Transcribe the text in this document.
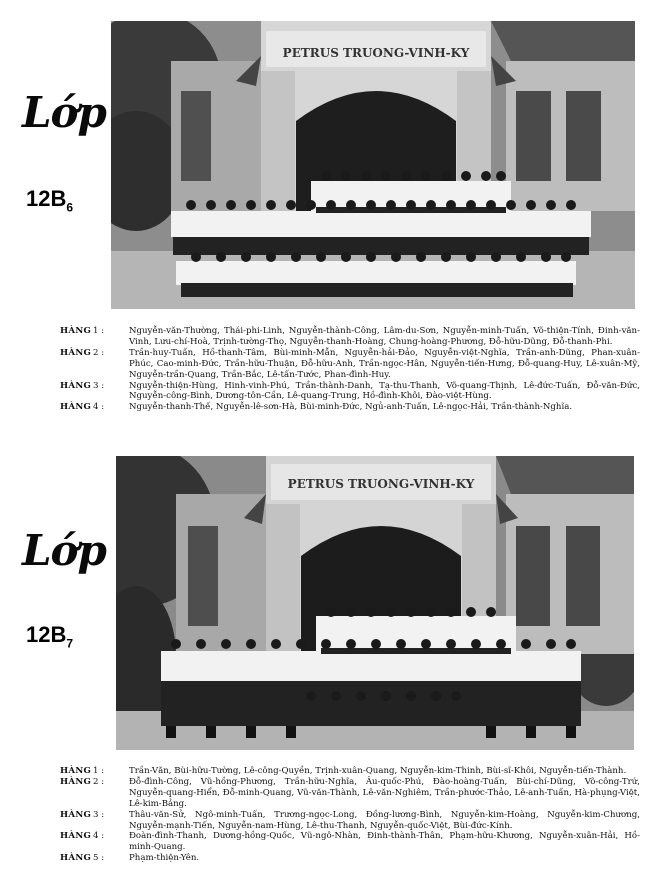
Lớp
$12B_6$
PETRUS TRUONG-VINH-KY
HÀNG 1 :	Nguyễn-văn-Thường, Thái-phi-Linh, Nguyễn-thành-Công, Lâm-du-Sơn, Nguyễn-minh-Tuấn, Võ-thiện-Tính, Đinh-văn-Vinh, Lưu-chí-Hoà, Trịnh-tường-Thọ, Nguyễn-thanh-Hoàng, Chung-hoàng-Phương, Đỗ-hữu-Dũng, Đỗ-thanh-Phi.
HÀNG 2 :	Trần-huy-Tuấn, Hồ-thanh-Tâm, Bùi-minh-Mẫn, Nguyễn-hải-Đảo, Nguyễn-việt-Nghĩa, Trần-anh-Dũng, Phan-xuân-Phúc, Cao-minh-Đức, Trần-hữu-Thuận, Đỗ-hữu-Anh, Trần-ngọc-Hân, Nguyễn-tiến-Hưng, Đỗ-quang-Huy, Lê-xuân-Mỹ, Nguyễn-trần-Quang, Trần-Bắc, Lê-tấn-Tước, Phan-đình-Huy.
HÀNG 3 :	Nguyễn-thiện-Hùng, Hinh-vinh-Phú, Trần-thành-Danh, Tạ-thu-Thanh, Võ-quang-Thịnh, Lê-đức-Tuấn, Đỗ-văn-Đức, Nguyễn-công-Bình, Dương-tôn-Cần, Lê-quang-Trung, Hồ-đình-Khôi, Đào-việt-Hùng.
HÀNG 4 :	Nguyễn-thanh-Thế, Nguyễn-lê-sơn-Hà, Bùi-minh-Đức, Ngủ-anh-Tuấn, Lê-ngọc-Hải, Trần-thành-Nghĩa.
Lớp
$12B_7$
PETRUS TRUONG-VINH-KY
HÀNG 1 :	Trần-Văn, Bùi-hữu-Tường, Lê-công-Quyền, Trịnh-xuân-Quang, Nguyễn-kim-Thinh, Bùi-sĩ-Khôi, Nguyễn-tiến-Thành.
HÀNG 2 :	Đỗ-đình-Công, Vũ-hồng-Phương, Trần-hữu-Nghĩa, Âu-quốc-Phú, Đào-hoàng-Tuấn, Bùi-chí-Dũng, Võ-công-Trứ, Nguyễn-quang-Hiển, Đỗ-minh-Quang, Vũ-văn-Thành, Lê-văn-Nghiêm, Trần-phước-Thảo, Lê-anh-Tuấn, Hà-phụng-Việt, Lê-kim-Bảng.
HÀNG 3 :	Thâu-văn-Sử, Ngô-minh-Tuấn, Trương-ngọc-Long, Đồng-lương-Bình, Nguyễn-kim-Hoàng, Nguyễn-kim-Chương, Nguyễn-mạnh-Tiến, Nguyễn-nam-Hùng, Lê-thu-Thanh, Nguyễn-quốc-Việt, Bùi-đức-Kính.
HÀNG 4 :	Đoàn-đình-Thanh, Dương-hồng-Quốc, Vũ-ngô-Nhàn, Đinh-thành-Thân, Phạm-hữu-Khương, Nguyễn-xuân-Hải, Hồ-minh-Quang.
HÀNG 5 :	Phạm-thiện-Yên.
